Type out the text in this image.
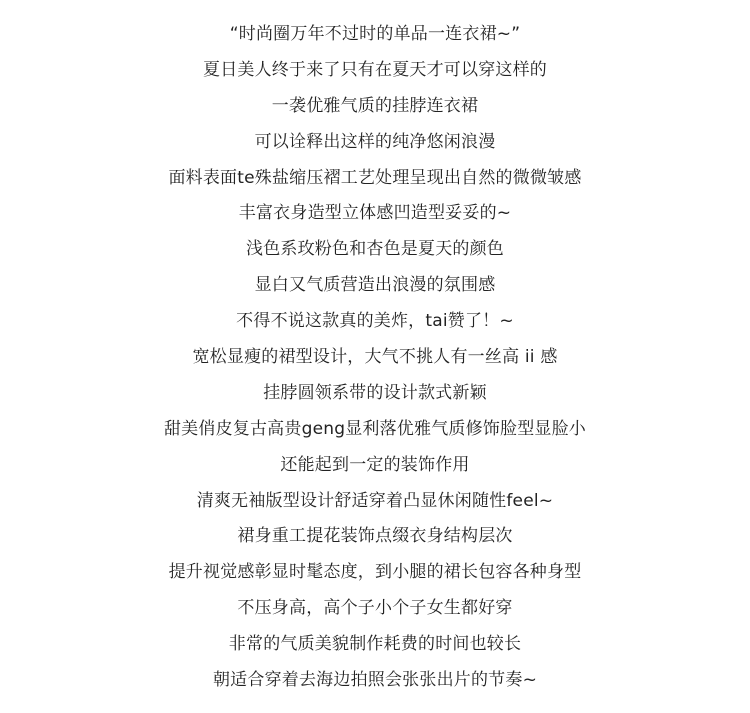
“时尚圈万年不过时的单品一连衣裙~”
夏日美人终于来了只有在夏天才可以穿这样的
一袭优雅气质的挂脖连衣裙
可以诠释出这样的纯净悠闲浪漫
面料表面te殊盐缩压褶工艺处理呈现出自然的微微皱感
丰富衣身造型立体感凹造型妥妥的~
浅色系玫粉色和杏色是夏天的颜色
显白又气质营造出浪漫的氛围感
不得不说这款真的美炸，tai赞了！~
宽松显瘦的裙型设计，大气不挑人有一丝高 ii 感
挂脖圆领系带的设计款式新颖
甜美俏皮复古高贵geng显利落优雅气质修饰脸型显脸小
还能起到一定的装饰作用
清爽无袖版型设计舒适穿着凸显休闲随性feel~
裙身重工提花装饰点缀衣身结构层次
提升视觉感彰显时髦态度，到小腿的裙长包容各种身型
不压身高，高个子小个子女生都好穿
非常的气质美貌制作耗费的时间也较长
朝适合穿着去海边拍照会张张出片的节奏~
